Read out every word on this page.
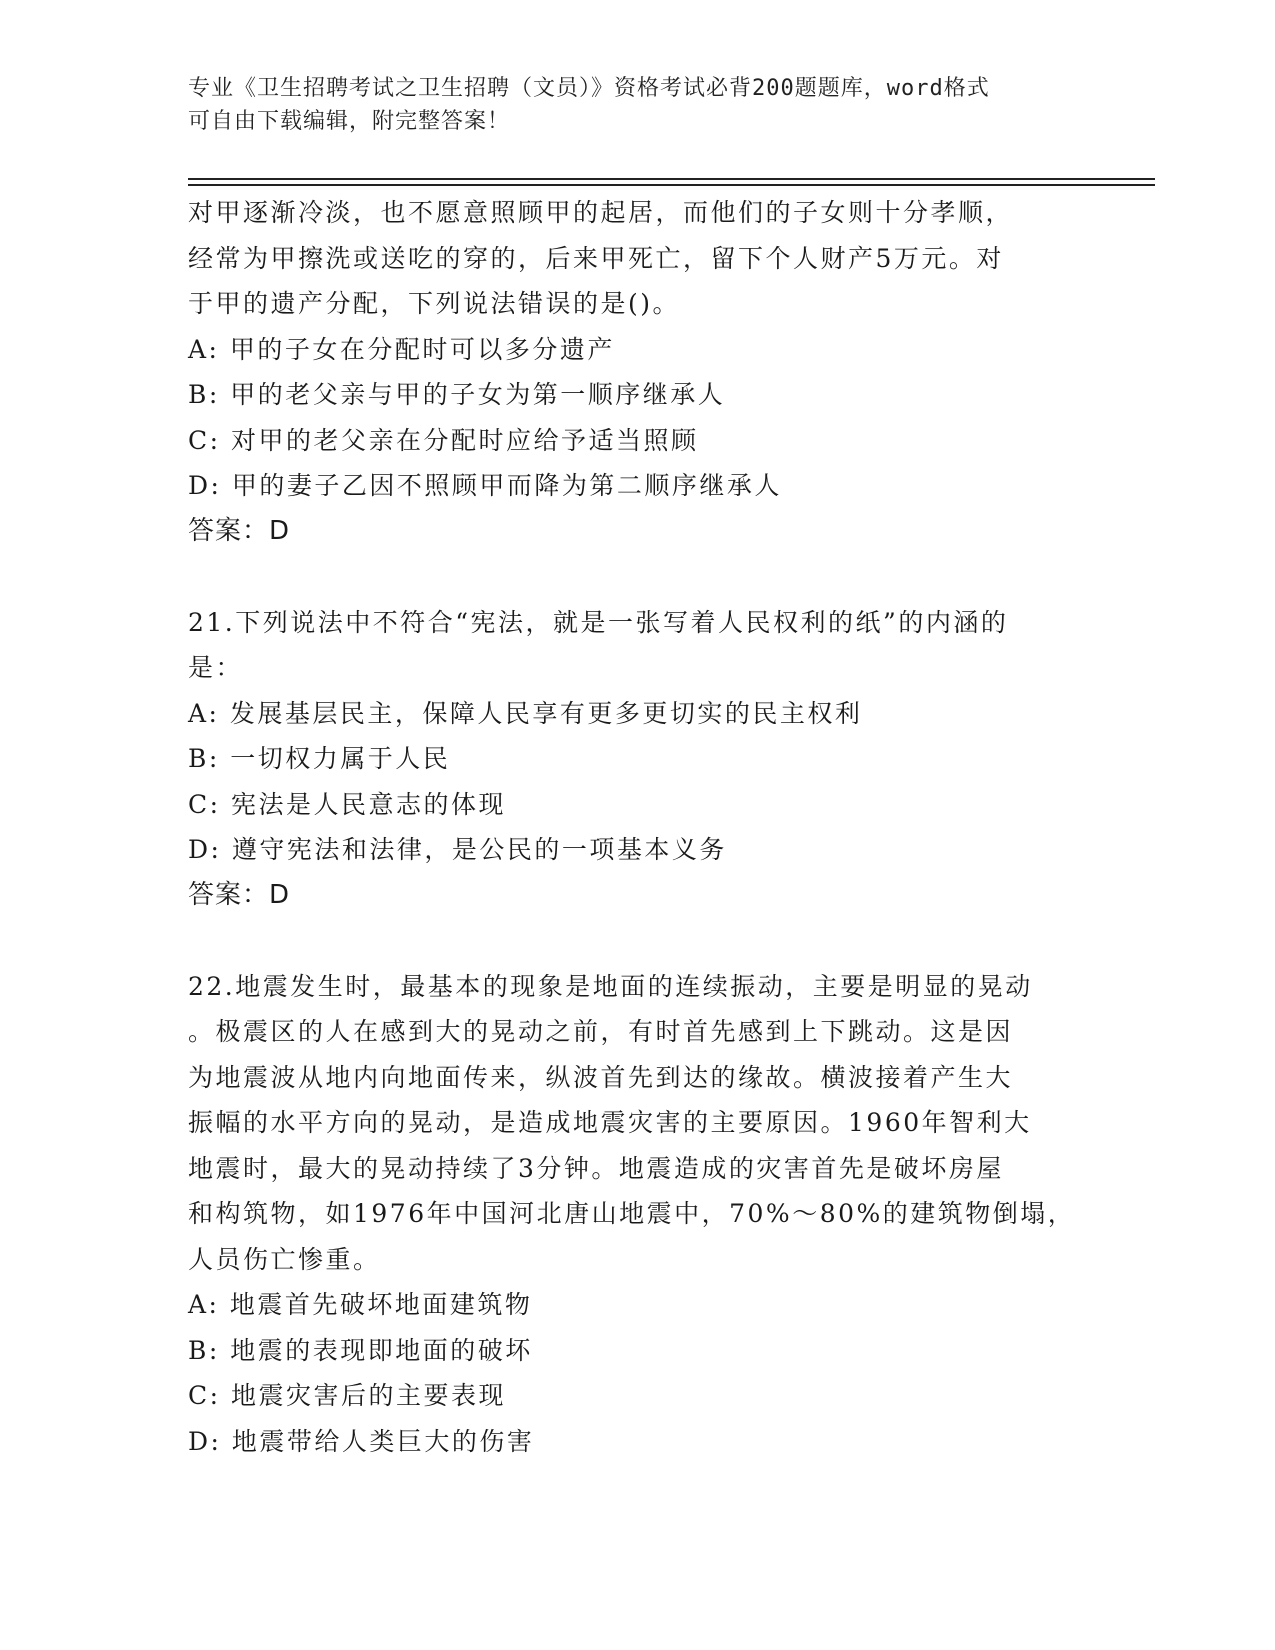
专业《卫生招聘考试之卫生招聘（文员）》资格考试必背200题题库，word格式

可自由下载编辑，附完整答案！

对甲逐渐冷淡，也不愿意照顾甲的起居，而他们的子女则十分孝顺，
经常为甲擦洗或送吃的穿的，后来甲死亡，留下个人财产5万元。对
于甲的遗产分配，下列说法错误的是()。
A: 甲的子女在分配时可以多分遗产
B: 甲的老父亲与甲的子女为第一顺序继承人
C: 对甲的老父亲在分配时应给予适当照顾
D: 甲的妻子乙因不照顾甲而降为第二顺序继承人
答案：D
21.下列说法中不符合“宪法，就是一张写着人民权利的纸”的内涵的
是：
A: 发展基层民主，保障人民享有更多更切实的民主权利
B: 一切权力属于人民
C: 宪法是人民意志的体现
D: 遵守宪法和法律，是公民的一项基本义务
答案：D
22.地震发生时，最基本的现象是地面的连续振动，主要是明显的晃动
。极震区的人在感到大的晃动之前，有时首先感到上下跳动。这是因
为地震波从地内向地面传来，纵波首先到达的缘故。横波接着产生大
振幅的水平方向的晃动，是造成地震灾害的主要原因。1960年智利大
地震时，最大的晃动持续了3分钟。地震造成的灾害首先是破坏房屋
和构筑物，如1976年中国河北唐山地震中，70%～80%的建筑物倒塌，
人员伤亡惨重。
A: 地震首先破坏地面建筑物
B: 地震的表现即地面的破坏
C: 地震灾害后的主要表现
D: 地震带给人类巨大的伤害
